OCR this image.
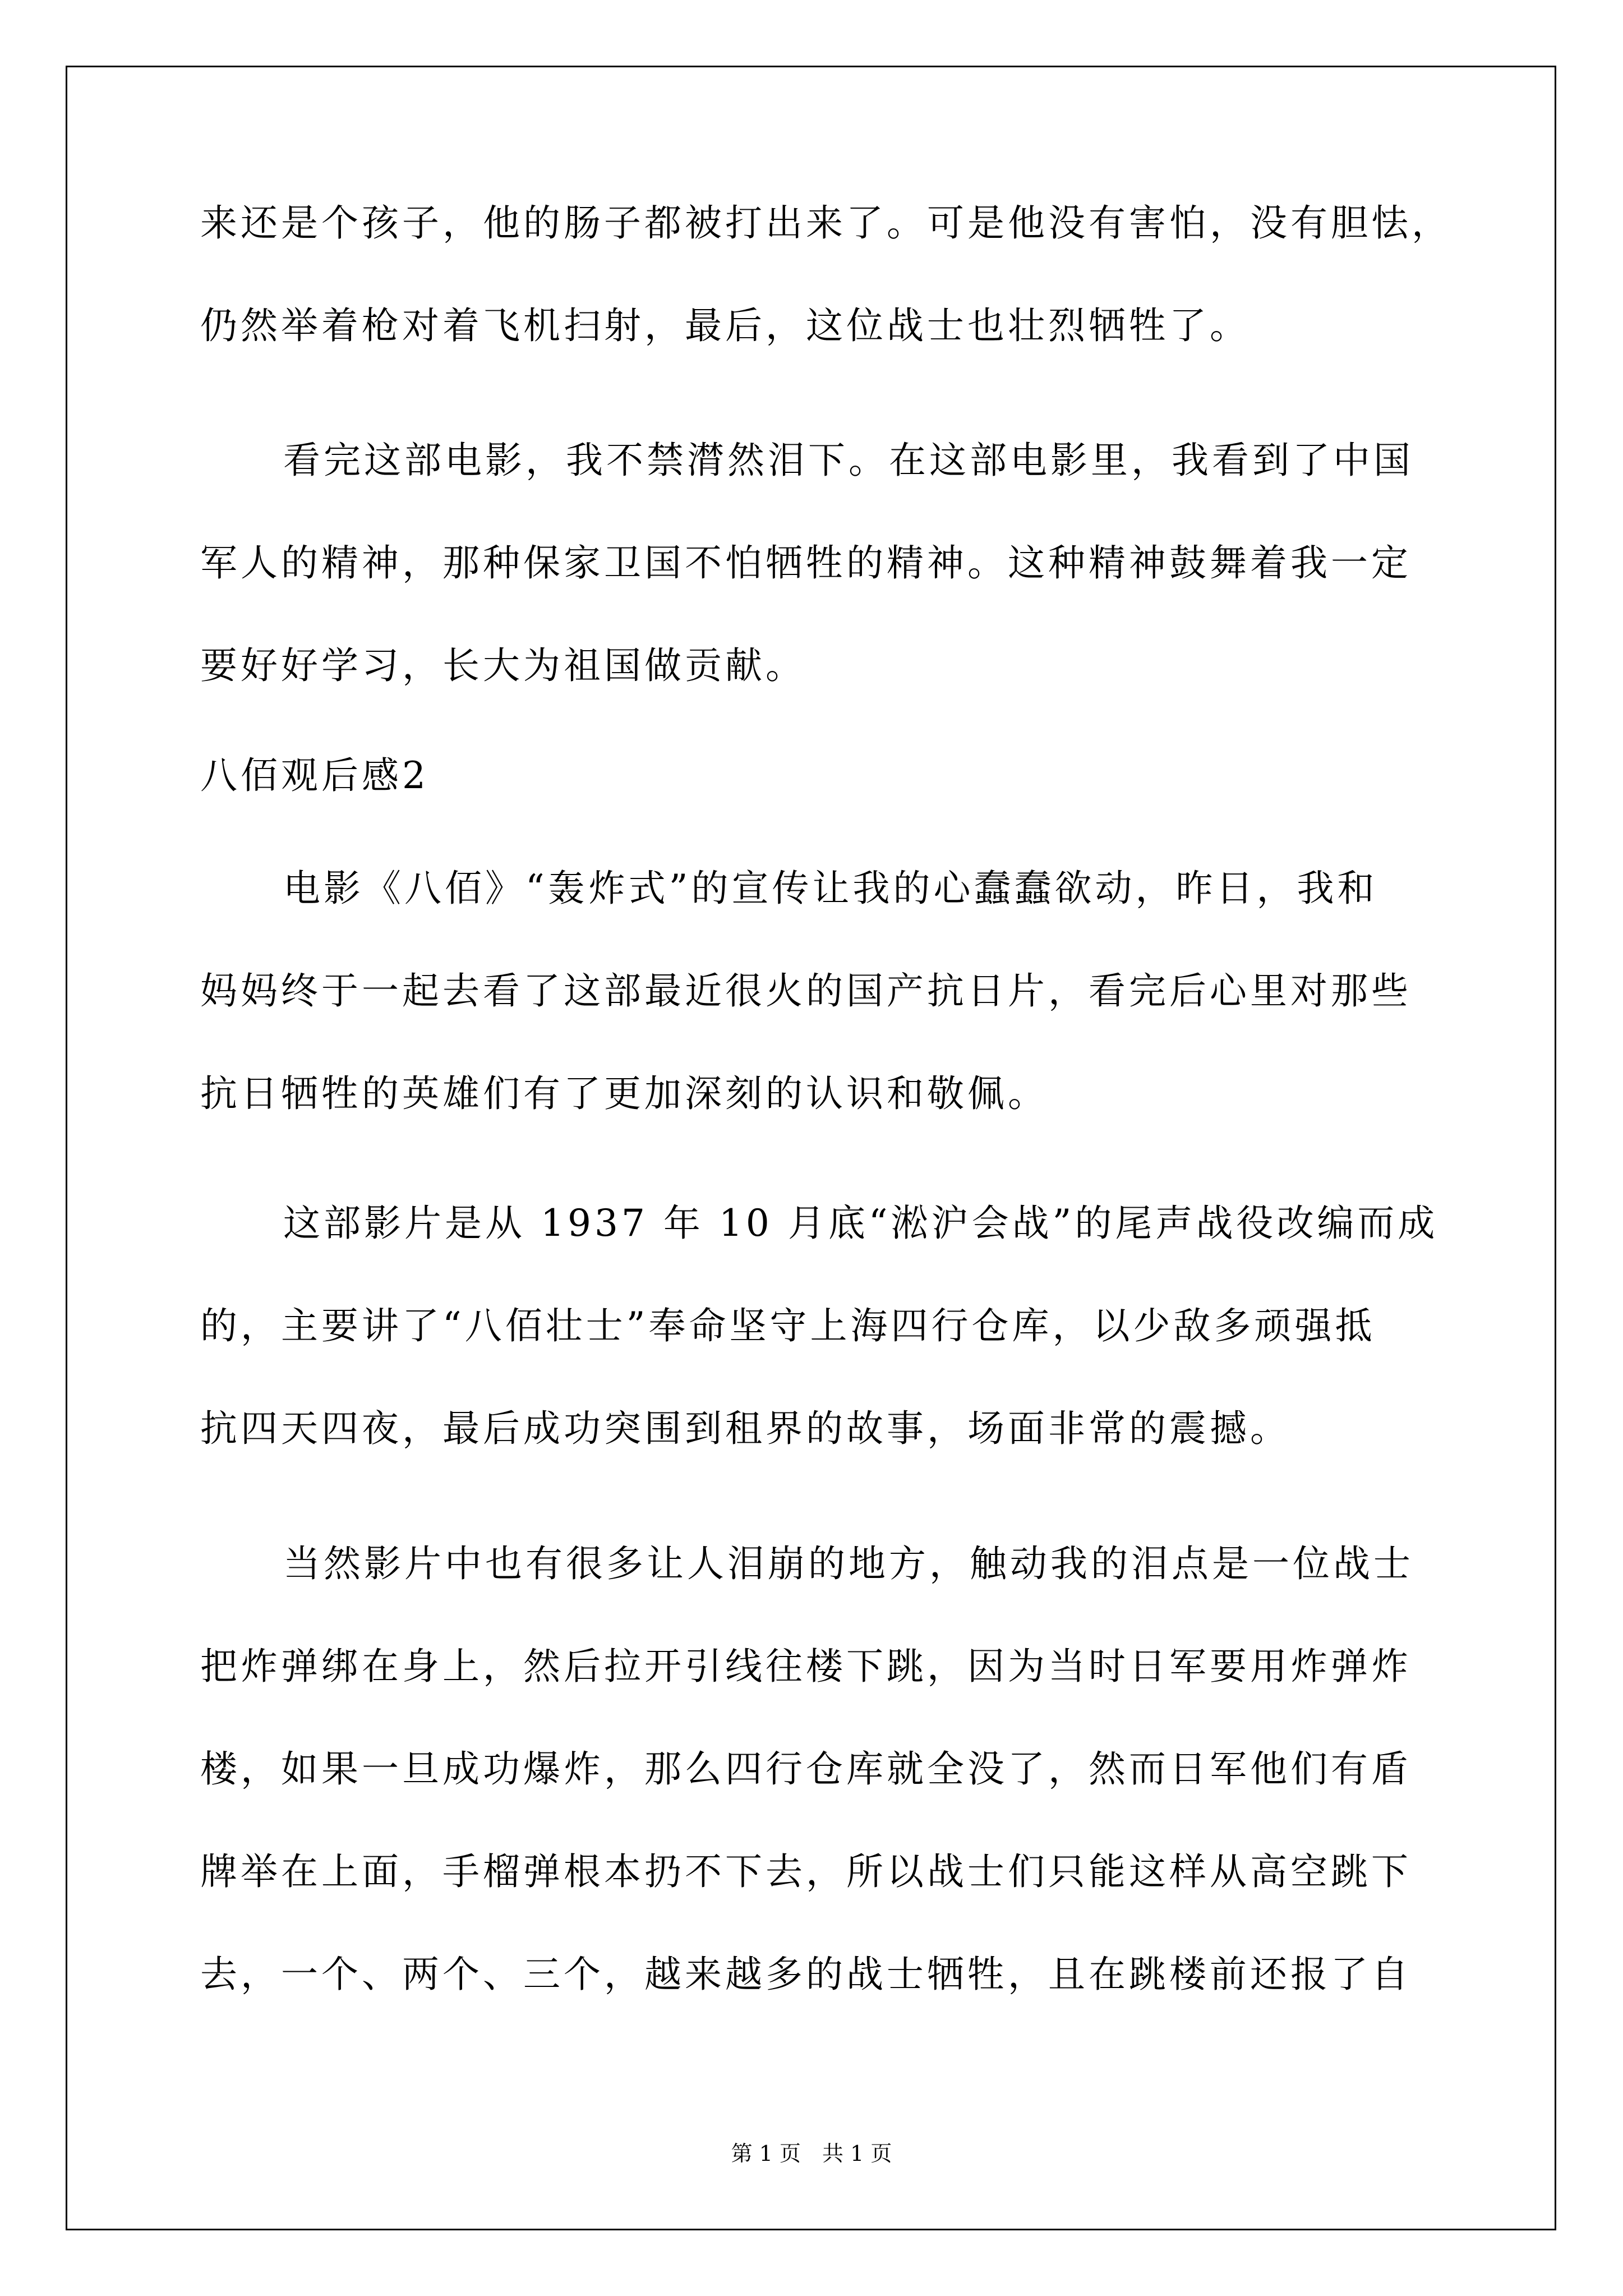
来还是个孩子，他的肠子都被打出来了。可是他没有害怕，没有胆怯，
仍然举着枪对着飞机扫射，最后，这位战士也壮烈牺牲了。
看完这部电影，我不禁潸然泪下。在这部电影里，我看到了中国
军人的精神，那种保家卫国不怕牺牲的精神。这种精神鼓舞着我一定
要好好学习，长大为祖国做贡献。
八佰观后感2
电影《八佰》“轰炸式”的宣传让我的心蠢蠢欲动，昨日，我和
妈妈终于一起去看了这部最近很火的国产抗日片，看完后心里对那些
抗日牺牲的英雄们有了更加深刻的认识和敬佩。
这部影片是从 1937 年 10 月底“淞沪会战”的尾声战役改编而成
的，主要讲了“八佰壮士”奉命坚守上海四行仓库，以少敌多顽强抵
抗四天四夜，最后成功突围到租界的故事，场面非常的震撼。
当然影片中也有很多让人泪崩的地方，触动我的泪点是一位战士
把炸弹绑在身上，然后拉开引线往楼下跳，因为当时日军要用炸弹炸
楼，如果一旦成功爆炸，那么四行仓库就全没了，然而日军他们有盾
牌举在上面，手榴弹根本扔不下去，所以战士们只能这样从高空跳下
去，一个、两个、三个，越来越多的战士牺牲，且在跳楼前还报了自
第 1 页　共 1 页
